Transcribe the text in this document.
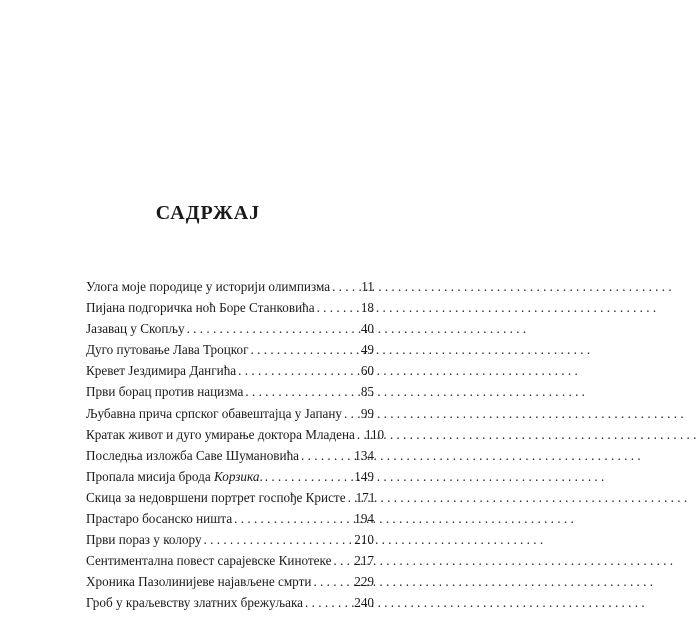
САДРЖАЈ
Улога моје породице у историји олимпизма . . . 11
Пијана подгоричка ноћ Боре Станковића . . .	18
Јазавац у Скопљу . . .	40
Дуго путовање Лава Троцког . . .	49
Кревет Јездимира Дангића . . .	60
Први борац против нацизма . . .	85
Љубавна прича српског обавештајца у Јапану . . . 99
Кратак живот и дуго умирање доктора Младена . . . 110
Последња изложба Саве Шумановића . . .	134
Пропала мисија брода Корзика. . . .	149
Скица за недовршени портрет госпође Кристе . . . 171
Прастаро босанско ништа . . .	194
Први пораз у колору . . .	210
Сентиментална повест сарајевске Кинотеке . . . 217
Хроника Пазолинијеве најављене смрти . . .	229
Гроб у краљевству златних брежуљака . . .	240
